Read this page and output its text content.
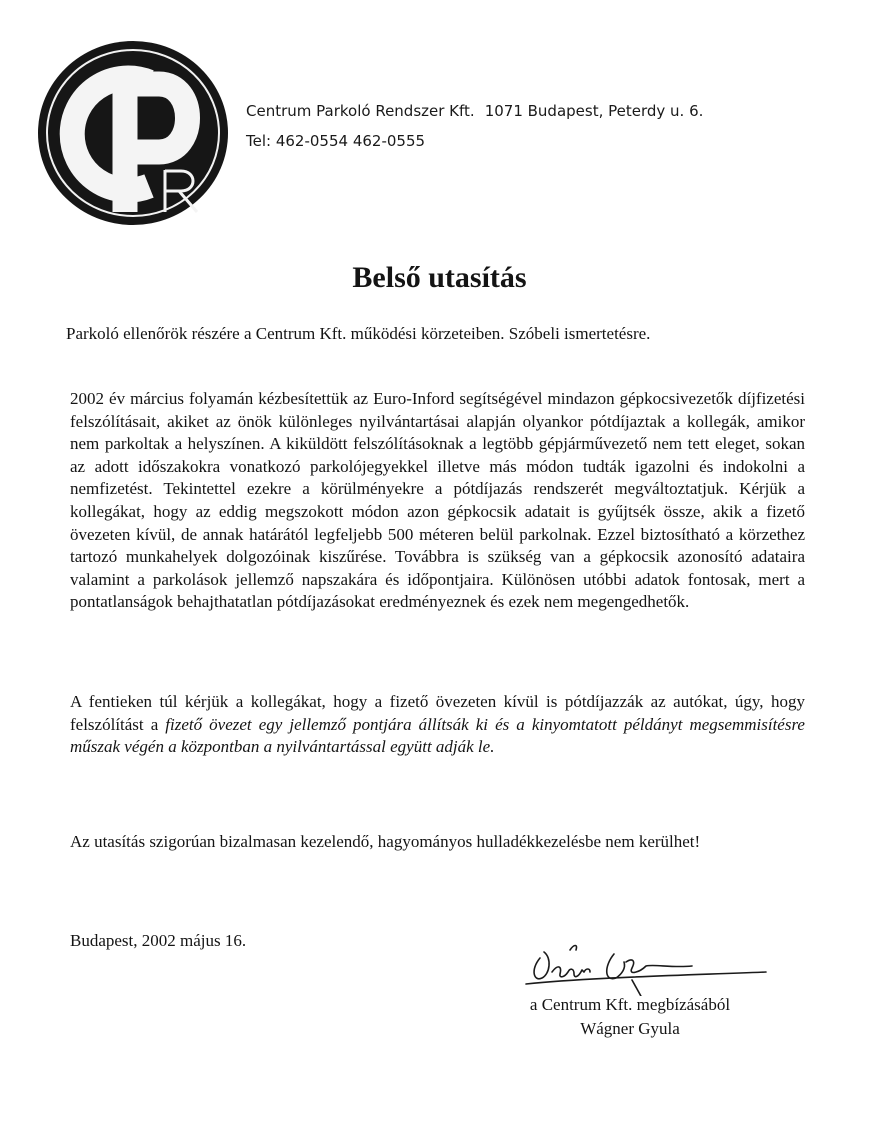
Centrum Parkoló Rendszer Kft. 1071 Budapest, Peterdy u. 6.
Tel: 462-0554 462-0555
Belső utasítás
Parkoló ellenőrök részére a Centrum Kft. működési körzeteiben. Szóbeli ismertetésre.
2002 év március folyamán kézbesítettük az Euro-Inford segítségével mindazon gépkocsivezetők díjfizetési felszólításait, akiket az önök különleges nyilvántartásai alapján olyankor pótdíjaztak a kollegák, amikor nem parkoltak a helyszínen. A kiküldött felszólításoknak a legtöbb gépjárművezető nem tett eleget, sokan az adott időszakokra vonatkozó parkolójegyekkel illetve más módon tudták igazolni és indokolni a nemfizetést. Tekintettel ezekre a körülményekre a pótdíjazás rendszerét megváltoztatjuk. Kérjük a kollegákat, hogy az eddig megszokott módon azon gépkocsik adatait is gyűjtsék össze, akik a fizető övezeten kívül, de annak határától legfeljebb 500 méteren belül parkolnak. Ezzel biztosítható a körzethez tartozó munkahelyek dolgozóinak kiszűrése. Továbbra is szükség van a gépkocsik azonosító adataira valamint a parkolások jellemző napszakára és időpontjaira. Különösen utóbbi adatok fontosak, mert a pontatlanságok behajthatatlan pótdíjazásokat eredményeznek és ezek nem megengedhetők.
A fentieken túl kérjük a kollegákat, hogy a fizető övezeten kívül is pótdíjazzák az autókat, úgy, hogy felszólítást a fizető övezet egy jellemző pontjára állítsák ki és a kinyomtatott példányt megsemmisítésre műszak végén a központban a nyilvántartással együtt adják le.
Az utasítás szigorúan bizalmasan kezelendő, hagyományos hulladékkezelésbe nem kerülhet!
Budapest, 2002 május 16.
a Centrum Kft. megbízásából
Wágner Gyula
